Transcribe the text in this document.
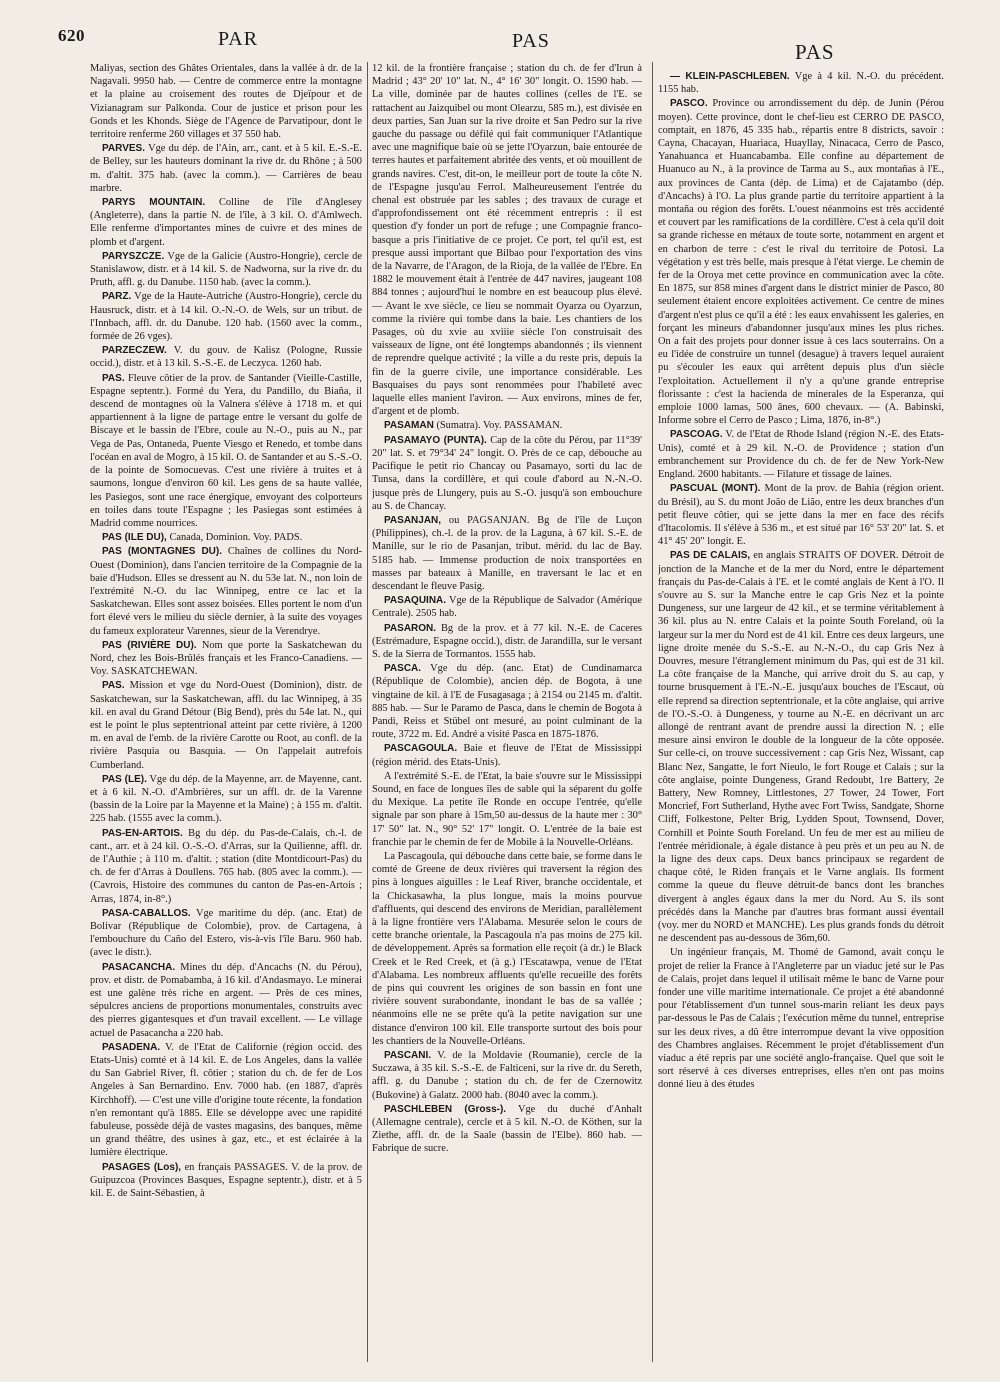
620	PAR	PAS	PAS

Maliyas, section des Ghâtes Orientales, dans la vallée à dr. de la Nagavali. 9950 hab. — Centre de commerce entre la montagne et la plaine au croisement des routes de Djeïpour et de Vizianagram sur Palkonda. Cour de justice et prison pour les Gonds et les Khonds. Siège de l'Agence de Parvatipour, dont le territoire renferme 260 villages et 37 550 hab.

PARVES. Vge du dép. de l'Ain, arr., cant. et à 5 kil. E.-S.-E. de Belley, sur les hauteurs dominant la rive dr. du Rhône ; à 500 m. d'altit. 375 hab. (avec la comm.). — Carrières de beau marbre.

PARYS MOUNTAIN. Colline de l'île d'Anglesey (Angleterre), dans la partie N. de l'île, à 3 kil. O. d'Amlwech. Elle renferme d'importantes mines de cuivre et des mines de plomb et d'argent.

PARYSZCZE. Vge de la Galicie (Austro-Hongrie), cercle de Stanislawow, distr. et à 14 kil. S. de Nadworna, sur la rive dr. du Pruth, affl. g. du Danube. 1150 hab. (avec la comm.).

PARZ. Vge de la Haute-Autriche (Austro-Hongrie), cercle du Hausruck, distr. et à 14 kil. O.-N.-O. de Wels, sur un tribut. de l'Innbach, affl. dr. du Danube. 120 hab. (1560 avec la comm., formée de 26 vges).

PARZECZEW. V. du gouv. de Kalisz (Pologne, Russie occid.), distr. et à 13 kil. S.-S.-E. de Leczyca. 1260 hab.

PAS. Fleuve côtier de la prov. de Santander (Vieille-Castille, Espagne septentr.). Formé du Yera, du Pandillo, du Biaña, il descend de montagnes où la Valnera s'élève à 1718 m. et qui appartiennent à la ligne de partage entre le versant du golfe de Biscaye et le bassin de l'Ebre, coule au N.-O., puis au N., par Vega de Pas, Ontaneda, Puente Viesgo et Renedo, et tombe dans l'océan en aval de Mogro, à 15 kil. O. de Santander et au S.-S.-O. de la pointe de Somocuevas. C'est une rivière à truites et à saumons, longue d'environ 60 kil. Les gens de sa haute vallée, les Pasiegos, sont une race énergique, envoyant des colporteurs en toiles dans toute l'Espagne ; les Pasiegas sont estimées à Madrid comme nourrices.

PAS (ILE DU), Canada, Dominion. Voy. PADS.

PAS (MONTAGNES DU). Chaînes de collines du Nord-Ouest (Dominion), dans l'ancien territoire de la Compagnie de la baie d'Hudson. Elles se dressent au N. du 53e lat. N., non loin de l'extrémité N.-O. du lac Winnipeg, entre ce lac et la Saskatchewan. Elles sont assez boisées. Elles portent le nom d'un fort élevé vers le milieu du siècle dernier, à la suite des voyages du fameux explorateur Varennes, sieur de la Verendrye.

PAS (RIVIÈRE DU). Nom que porte la Saskatchewan du Nord, chez les Bois-Brûlés français et les Franco-Canadiens. — Voy. SASKATCHEWAN.

PAS. Mission et vge du Nord-Ouest (Dominion), distr. de Saskatchewan, sur la Saskatchewan, affl. du lac Winnipeg, à 35 kil. en aval du Grand Détour (Big Bend), près du 54e lat. N., qui est le point le plus septentrional atteint par cette rivière, à 1200 m. en aval de l'emb. de la rivière Carotte ou Root, au confl. de la rivière Pasquia ou Basquia. — On l'appelait autrefois Cumberland.

PAS (LE). Vge du dép. de la Mayenne, arr. de Mayenne, cant. et à 6 kil. N.-O. d'Ambrières, sur un affl. dr. de la Varenne (bassin de la Loire par la Mayenne et la Maine) ; à 155 m. d'altit. 225 hab. (1555 avec la comm.).

PAS-EN-ARTOIS. Bg du dép. du Pas-de-Calais, ch.-l. de cant., arr. et à 24 kil. O.-S.-O. d'Arras, sur la Quilienne, affl. dr. de l'Authie ; à 110 m. d'altit. ; station (dite Montdicourt-Pas) du ch. de fer d'Arras à Doullens. 765 hab. (805 avec la comm.). — (Cavrois, Histoire des communes du canton de Pas-en-Artois ; Arras, 1874, in-8°.)

PASA-CABALLOS. Vge maritime du dép. (anc. Etat) de Bolivar (République de Colombie), prov. de Cartagena, à l'embouchure du Caño del Estero, vis-à-vis l'île Baru. 960 hab. (avec le distr.).

PASACANCHA. Mines du dép. d'Ancachs (N. du Pérou), prov. et distr. de Pomabamba, à 16 kil. d'Andasmayo. Le minerai est une galène très riche en argent. — Près de ces mines, sépulcres anciens de proportions monumentales, construits avec des pierres gigantesques et d'un travail excellent. — Le village actuel de Pasacancha a 220 hab.

PASADENA. V. de l'Etat de Californie (région occid. des Etats-Unis) comté et à 14 kil. E. de Los Angeles, dans la vallée du San Gabriel River, fl. côtier ; station du ch. de fer de Los Angeles à San Bernardino. Env. 7000 hab. (en 1887, d'après Kirchhoff). — C'est une ville d'origine toute récente, la fondation n'en remontant qu'à 1885. Elle se développe avec une rapidité fabuleuse, possède déjà de vastes magasins, des banques, même un grand théâtre, des usines à gaz, etc., et est éclairée à la lumière électrique.

PASAGES (Los), en français PASSAGES. V. de la prov. de Guipuzcoa (Provinces Basques, Espagne septentr.), distr. et à 5 kil. E. de Saint-Sébastien, à

12 kil. de la frontière française ; station du ch. de fer d'Irun à Madrid ; 43° 20' 10" lat. N., 4° 16' 30" longit. O. 1590 hab. — La ville, dominée par de hautes collines (celles de l'E. se rattachent au Jaizquibel ou mont Olearzu, 585 m.), est divisée en deux parties, San Juan sur la rive droite et San Pedro sur la rive gauche du passage ou défilé qui fait communiquer l'Atlantique avec une magnifique baie où se jette l'Oyarzun, baie entourée de terres hautes et parfaitement abritée des vents, et où mouillent de grands navires. C'est, dit-on, le meilleur port de toute la côte N. de l'Espagne jusqu'au Ferrol. Malheureusement l'entrée du chenal est obstruée par les sables ; des travaux de curage et d'approfondissement ont été récemment entrepris : il est question d'y fonder un port de refuge ; une Compagnie franco-basque a pris l'initiative de ce projet. Ce port, tel qu'il est, est presque aussi important que Bilbao pour l'exportation des vins de la Navarre, de l'Aragon, de la Rioja, de la vallée de l'Ebre. En 1882 le mouvement était à l'entrée de 447 navires, jaugeant 108 884 tonnes ; aujourd'hui le nombre en est beaucoup plus élevé. — Avant le xve siècle, ce lieu se nommait Oyarza ou Oyarzun, comme la rivière qui tombe dans la baie. Les chantiers de los Pasages, où du xvie au xviiie siècle l'on construisait des vaisseaux de ligne, ont été longtemps abandonnés ; ils viennent de reprendre quelque activité ; la ville a du reste pris, depuis la fin de la guerre civile, une importance considérable. Les Basquaises du pays sont renommées pour l'habileté avec laquelle elles manient l'aviron. — Aux environs, mines de fer, d'argent et de plomb.

PASAMAN (Sumatra). Voy. PASSAMAN.

PASAMAYO (PUNTA). Cap de la côte du Pérou, par 11°39' 20" lat. S. et 79°34' 24" longit. O. Près de ce cap, débouche au Pacifique le petit rio Chancay ou Pasamayo, sorti du lac de Tunsa, dans la cordillère, et qui coule d'abord au N.-N.-O. jusque près de Llungery, puis au S.-O. jusqu'à son embouchure au S. de Chancay.

PASANJAN, ou PAGSANJAN. Bg de l'île de Luçon (Philippines), ch.-l. de la prov. de la Laguna, à 67 kil. S.-E. de Manille, sur le rio de Pasanjan, tribut. mérid. du lac de Bay. 5185 hab. — Immense production de noix transportées en masses par bateaux à Manille, en traversant le lac et en descendant le fleuve Pasig.

PASAQUINA. Vge de la République de Salvador (Amérique Centrale). 2505 hab.

PASARON. Bg de la prov. et à 77 kil. N.-E. de Caceres (Estrémadure, Espagne occid.), distr. de Jarandilla, sur le versant S. de la Sierra de Tormantos. 1555 hab.

PASCA. Vge du dép. (anc. Etat) de Cundinamarca (République de Colombie), ancien dép. de Bogota, à une vingtaine de kil. à l'E de Fusagasaga ; à 2154 ou 2145 m. d'altit. 885 hab. — Sur le Paramo de Pasca, dans le chemin de Bogota à Pandi, Reiss et Stübel ont mesuré, au point culminant de la route, 3722 m. Ed. André a visité Pasca en 1875-1876.

PASCAGOULA. Baie et fleuve de l'Etat de Mississippi (région mérid. des Etats-Unis).

A l'extrémité S.-E. de l'Etat, la baie s'ouvre sur le Mississippi Sound, en face de longues îles de sable qui la séparent du golfe du Mexique. La petite île Ronde en occupe l'entrée, qu'elle signale par son phare à 15m,50 au-dessus de la haute mer : 30° 17' 50" lat. N., 90° 52' 17" longit. O. L'entrée de la baie est franchie par le chemin de fer de Mobile à la Nouvelle-Orléans.

La Pascagoula, qui débouche dans cette baie, se forme dans le comté de Greene de deux rivières qui traversent la région des pins à longues aiguilles : le Leaf River, branche occidentale, et la Chickasawha, la plus longue, mais la moins pourvue d'affluents, qui descend des environs de Meridian, parallèlement à la ligne frontière vers l'Alabama. Mesurée selon le cours de cette branche orientale, la Pascagoula n'a pas moins de 275 kil. de développement. Après sa formation elle reçoit (à dr.) le Black Creek et le Red Creek, et (à g.) l'Escatawpa, venue de l'Etat d'Alabama. Les nombreux affluents qu'elle recueille des forêts de pins qui couvrent les origines de son bassin en font une rivière souvent surabondante, inondant le bas de sa vallée ; néanmoins elle ne se prête qu'à la petite navigation sur une distance d'environ 100 kil. Elle transporte surtout des bois pour les chantiers de la Nouvelle-Orléans.

PASCANI. V. de la Moldavie (Roumanie), cercle de la Suczawa, à 35 kil. S.-S.-E. de Falticeni, sur la rive dr. du Sereth, affl. g. du Danube ; station du ch. de fer de Czernowitz (Bukovine) à Galatz. 2000 hab. (8040 avec la comm.).

PASCHLEBEN (Gross-). Vge du duché d'Anhalt (Allemagne centrale), cercle et à 5 kil. N.-O. de Köthen, sur la Ziethe, affl. dr. de la Saale (bassin de l'Elbe). 860 hab. — Fabrique de sucre.

— KLEIN-PASCHLEBEN. Vge à 4 kil. N.-O. du précédent. 1155 hab.

PASCO. Province ou arrondissement du dép. de Junin (Pérou moyen). Cette province, dont le chef-lieu est CERRO DE PASCO, comptait, en 1876, 45 335 hab., répartis entre 8 districts, savoir : Cayna, Chacayan, Huariaca, Huayllay, Ninacaca, Cerro de Pasco, Yanahuanca et Huancabamba. Elle confine au département de Huanuco au N., à la province de Tarma au S., aux montañas à l'E., aux provinces de Canta (dép. de Lima) et de Cajatambo (dép. d'Ancachs) à l'O. La plus grande partie du territoire appartient à la montaña ou région des forêts. L'ouest néanmoins est très accidenté et couvert par les ramifications de la cordillère. C'est à cela qu'il doit sa grande richesse en métaux de toute sorte, notamment en argent et en charbon de terre : c'est le rival du territoire de Potosi. La végétation y est très belle, mais presque à l'état vierge. Le chemin de fer de la Oroya met cette province en communication avec la côte. En 1875, sur 858 mines d'argent dans le district minier de Pasco, 80 seulement étaient encore exploitées activement. Ce centre de mines d'argent n'est plus ce qu'il a été : les eaux envahissent les galeries, en forçant les mineurs d'abandonner jusqu'aux mines les plus riches. On a fait des projets pour donner issue à ces lacs souterrains. On a eu l'idée de construire un tunnel (desague) à travers lequel auraient pu s'écouler les eaux qui arrêtent depuis plus d'un siècle l'exploitation. Actuellement il n'y a qu'une grande entreprise florissante : c'est la hacienda de minerales de la Esperanza, qui emploie 1000 lamas, 500 ânes, 600 chevaux. — (A. Babinski, Informe sobre el Cerro de Pasco ; Lima, 1876, in-8°.)

PASCOAG. V. de l'Etat de Rhode Island (région N.-E. des Etats-Unis), comté et à 29 kil. N.-O. de Providence ; station d'un embranchement sur Providence du ch. de fer de New York-New England. 2600 habitants. — Filature et tissage de laines.

PASCUAL (MONT). Mont de la prov. de Bahia (région orient. du Brésil), au S. du mont João de Lião, entre les deux branches d'un petit fleuve côtier, qui se jette dans la mer en face des récifs d'Itacolomis. Il s'élève à 536 m., et est situé par 16° 53' 20" lat. S. et 41° 45' 20" longit. E.

PAS DE CALAIS, en anglais STRAITS OF DOVER. Détroit de jonction de la Manche et de la mer du Nord, entre le département français du Pas-de-Calais à l'E. et le comté anglais de Kent à l'O. Il s'ouvre au S. sur la Manche entre le cap Gris Nez et la pointe Dungeness, sur une largeur de 42 kil., et se termine véritablement à 36 kil. plus au N. entre Calais et la pointe South Foreland, où la largeur sur la mer du Nord est de 41 kil. Entre ces deux largeurs, une ligne droite menée du S.-S.-E. au N.-N.-O., du cap Gris Nez à Douvres, mesure l'étranglement minimum du Pas, qui est de 31 kil. La côte française de la Manche, qui arrive droit du S. au cap, y tourne brusquement à l'E.-N.-E. jusqu'aux bouches de l'Escaut, où elle reprend sa direction septentrionale, et la côte anglaise, qui arrive de l'O.-S.-O. à Dungeness, y tourne au N.-E. en décrivant un arc allongé de rentrant avant de prendre aussi la direction N. ; elle mesure ainsi environ le double de la longueur de la côte opposée. Sur celle-ci, on trouve successivement : cap Gris Nez, Wissant, cap Blanc Nez, Sangatte, le fort Nieulo, le fort Rouge et Calais ; sur la côte anglaise, pointe Dungeness, Grand Redoubt, 1re Battery, 2e Battery, New Romney, Littlestones, 27 Tower, 24 Tower, Fort Moncrief, Fort Sutherland, Hythe avec Fort Twiss, Sandgate, Shorne Cliff, Folkestone, Pelter Brig, Lydden Spout, Townsend, Dover, Cornhill et Pointe South Foreland. Un feu de mer est au milieu de l'entrée méridionale, à égale distance à peu près et un peu au N. de la ligne des deux caps. Deux bancs principaux se regardent de chaque côté, le Riden français et le Varne anglais. Ils forment comme la queue du fleuve détruit-de bancs dont les branches divergent à angles égaux dans la mer du Nord. Au S. ils sont précédés dans la Manche par d'autres bras formant aussi éventail (voy. mer du NORD et MANCHE). Les plus grands fonds du détroit ne descendent pas au-dessous de 36m,60.

Un ingénieur français, M. Thomé de Gamond, avait conçu le projet de relier la France à l'Angleterre par un viaduc jeté sur le Pas de Calais, projet dans lequel il utilisait même le banc de Varne pour fonder une ville maritime internationale. Ce projet a été abandonné pour l'établissement d'un tunnel sous-marin reliant les deux pays par-dessous le Pas de Calais ; l'exécution même du tunnel, entreprise sur les deux rives, a dû être interrompue devant la vive opposition des Chambres anglaises. Récemment le projet d'établissement d'un viaduc a été repris par une société anglo-française. Quel que soit le sort réservé à ces diverses entreprises, elles n'en ont pas moins donné lieu à des études
